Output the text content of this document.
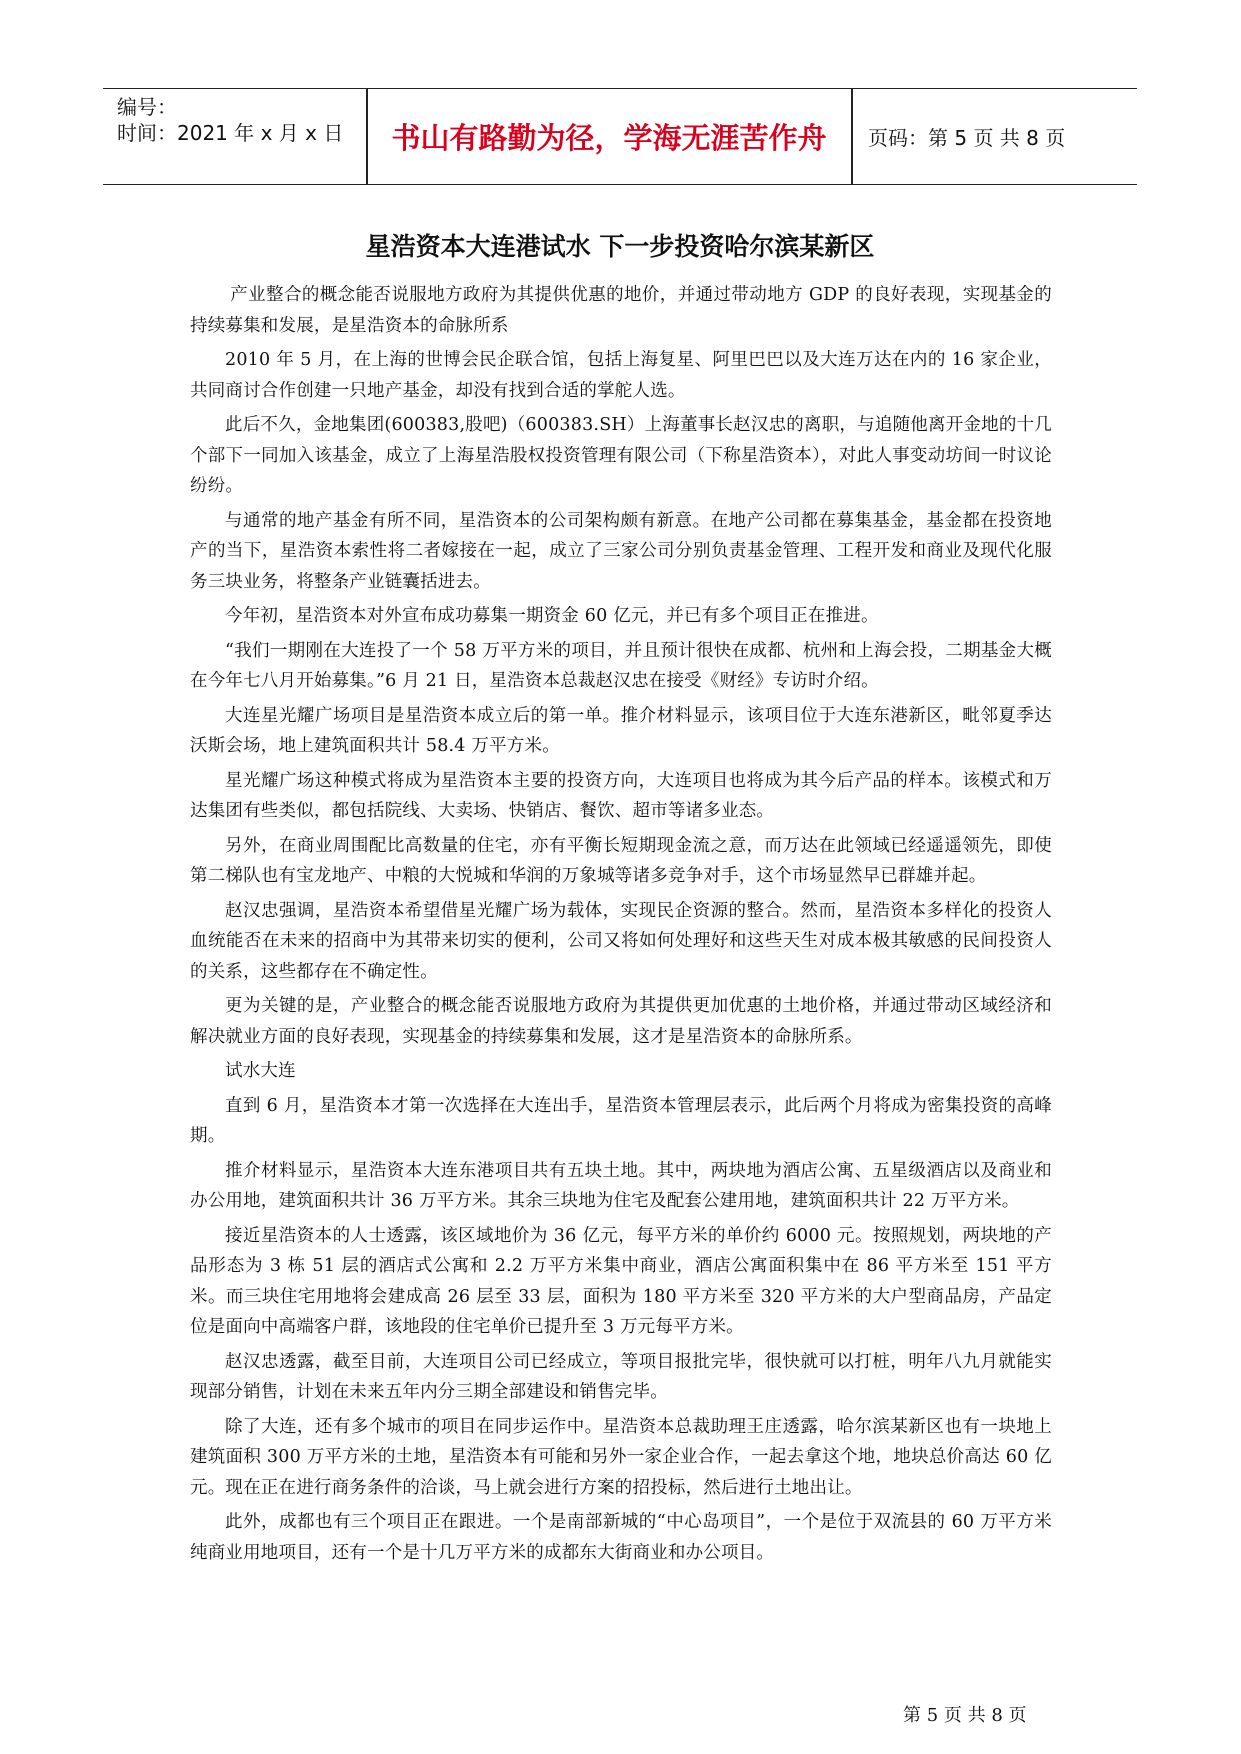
编号：
时间：2021 年 x 月 x 日	书山有路勤为径，学海无涯苦作舟	页码：第 5 页 共 8 页
星浩资本大连港试水 下一步投资哈尔滨某新区

产业整合的概念能否说服地方政府为其提供优惠的地价，并通过带动地方 GDP 的良好表现，实现基金的持续募集和发展，是星浩资本的命脉所系

2010 年 5 月，在上海的世博会民企联合馆，包括上海复星、阿里巴巴以及大连万达在内的 16 家企业，共同商讨合作创建一只地产基金，却没有找到合适的掌舵人选。

此后不久，金地集团(600383,股吧)（600383.SH）上海董事长赵汉忠的离职，与追随他离开金地的十几个部下一同加入该基金，成立了上海星浩股权投资管理有限公司（下称星浩资本），对此人事变动坊间一时议论纷纷。

与通常的地产基金有所不同，星浩资本的公司架构颇有新意。在地产公司都在募集基金，基金都在投资地产的当下，星浩资本索性将二者嫁接在一起，成立了三家公司分别负责基金管理、工程开发和商业及现代化服务三块业务，将整条产业链囊括进去。

今年初，星浩资本对外宣布成功募集一期资金 60 亿元，并已有多个项目正在推进。

“我们一期刚在大连投了一个 58 万平方米的项目，并且预计很快在成都、杭州和上海会投，二期基金大概在今年七八月开始募集。”6 月 21 日，星浩资本总裁赵汉忠在接受《财经》专访时介绍。

大连星光耀广场项目是星浩资本成立后的第一单。推介材料显示，该项目位于大连东港新区，毗邻夏季达沃斯会场，地上建筑面积共计 58.4 万平方米。

星光耀广场这种模式将成为星浩资本主要的投资方向，大连项目也将成为其今后产品的样本。该模式和万达集团有些类似，都包括院线、大卖场、快销店、餐饮、超市等诸多业态。

另外，在商业周围配比高数量的住宅，亦有平衡长短期现金流之意，而万达在此领域已经遥遥领先，即使第二梯队也有宝龙地产、中粮的大悦城和华润的万象城等诸多竞争对手，这个市场显然早已群雄并起。

赵汉忠强调，星浩资本希望借星光耀广场为载体，实现民企资源的整合。然而，星浩资本多样化的投资人血统能否在未来的招商中为其带来切实的便利，公司又将如何处理好和这些天生对成本极其敏感的民间投资人的关系，这些都存在不确定性。

更为关键的是，产业整合的概念能否说服地方政府为其提供更加优惠的土地价格，并通过带动区域经济和解决就业方面的良好表现，实现基金的持续募集和发展，这才是星浩资本的命脉所系。

试水大连

直到 6 月，星浩资本才第一次选择在大连出手，星浩资本管理层表示，此后两个月将成为密集投资的高峰期。

推介材料显示，星浩资本大连东港项目共有五块土地。其中，两块地为酒店公寓、五星级酒店以及商业和办公用地，建筑面积共计 36 万平方米。其余三块地为住宅及配套公建用地，建筑面积共计 22 万平方米。

接近星浩资本的人士透露，该区域地价为 36 亿元，每平方米的单价约 6000 元。按照规划，两块地的产品形态为 3 栋 51 层的酒店式公寓和 2.2 万平方米集中商业，酒店公寓面积集中在 86 平方米至 151 平方米。而三块住宅用地将会建成高 26 层至 33 层，面积为 180 平方米至 320 平方米的大户型商品房，产品定位是面向中高端客户群，该地段的住宅单价已提升至 3 万元每平方米。

赵汉忠透露，截至目前，大连项目公司已经成立，等项目报批完毕，很快就可以打桩，明年八九月就能实现部分销售，计划在未来五年内分三期全部建设和销售完毕。

除了大连，还有多个城市的项目在同步运作中。星浩资本总裁助理王庄透露，哈尔滨某新区也有一块地上建筑面积 300 万平方米的土地，星浩资本有可能和另外一家企业合作，一起去拿这个地，地块总价高达 60 亿元。现在正在进行商务条件的洽谈，马上就会进行方案的招投标，然后进行土地出让。

此外，成都也有三个项目正在跟进。一个是南部新城的“中心岛项目”，一个是位于双流县的 60 万平方米纯商业用地项目，还有一个是十几万平方米的成都东大街商业和办公项目。

第 5 页 共 8 页
